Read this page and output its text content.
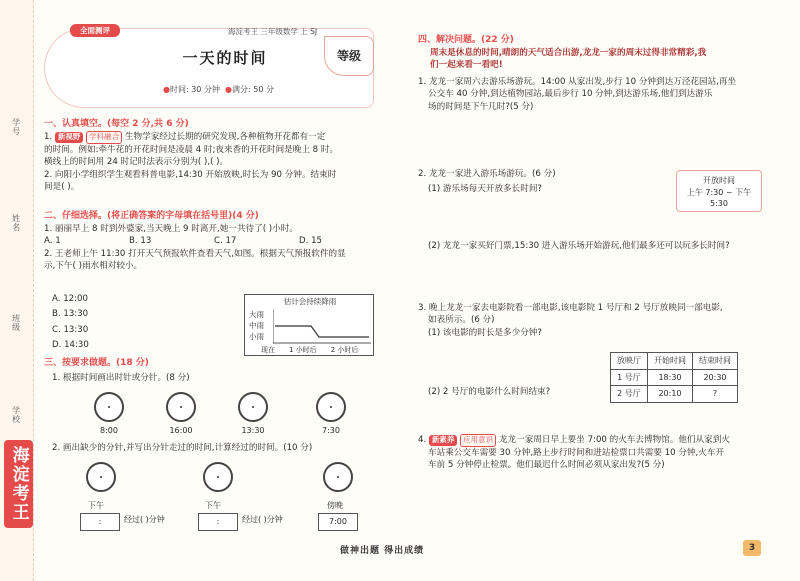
学号
姓名
班级
学校
海淀考王
全面测评	海淀考王 三年级数学 上 SJ
一天的时间	等级
●时间: 30 分钟 ●满分: 50 分
一、认真填空。(每空 2 分,共 6 分)
1. 新视野 学科融合 生物学家经过长期的研究发现,各种植物开花都有一定
的时间。例如:牵牛花的开花时间是凌晨 4 时;夜来香的开花时间是晚上 8 时。
横线上的时间用 24 时记时法表示分别为( ),( )。
2. 向阳小学组织学生观看科普电影,14:30 开始放映,时长为 90 分钟。结束时
间是( )。
二、仔细选择。(将正确答案的字母填在括号里)(4 分)
1. 丽丽早上 8 时到外婆家,当天晚上 9 时离开,她一共待了( )小时。
A. 1	B. 13	C. 17	D. 15
2. 王老师上午 11:30 打开天气预报软件查看天气,如图。根据天气预报软件的显
示,下午( )雨水相对较小。
A. 12:00
B. 13:30
C. 13:30
D. 14:30
估计会持续降雨
大雨
中雨
小雨
现在 1 小时后 2 小时后
三、按要求做题。(18 分)
1. 根据时间画出时针或分针。(8 分)
8:00	16:00	13:30	7:30
2. 画出缺少的分针,并写出分针走过的时间,计算经过的时间。(10 分)
下午	下午	傍晚
:	经过( )分钟	:	经过( )分钟	7:00
四、解决问题。(22 分)
周末是休息的时间,晴朗的天气适合出游,龙龙一家的周末过得非常精彩,我
们一起来看一看吧!
1. 龙龙一家周六去游乐场游玩。14:00 从家出发,步行 10 分钟到达万泾花园站,再坐
公交车 40 分钟,到达植物园站,最后步行 10 分钟,到达游乐场,他们到达游乐
场的时间是下午几时?(5 分)
2. 龙龙一家进入游乐场游玩。(6 分)
(1) 游乐场每天开放多长时间?
开放时间
上午 7:30 ~ 下午 5:30
(2) 龙龙一家买好门票,15:30 进入游乐场开始游玩,他们最多还可以玩多长时间?
3. 晚上龙龙一家去电影院看一部电影,该电影院 1 号厅和 2 号厅放映同一部电影,
如表所示。(6 分)
(1) 该电影的时长是多少分钟?
放映厅	开始时间	结束时间
1 号厅	18:30	20:30
2 号厅	20:10	?
(2) 2 号厅的电影什么时间结束?
4. 新素养 应用意识 龙龙一家周日早上要坐 7:00 的火车去博物馆。他们从家到火
车站乘公交车需要 30 分钟,路上步行时间和进站检票口共需要 10 分钟,火车开
车前 5 分钟停止检票。他们最迟什么时间必须从家出发?(5 分)
做神出题 得出成绩	3
